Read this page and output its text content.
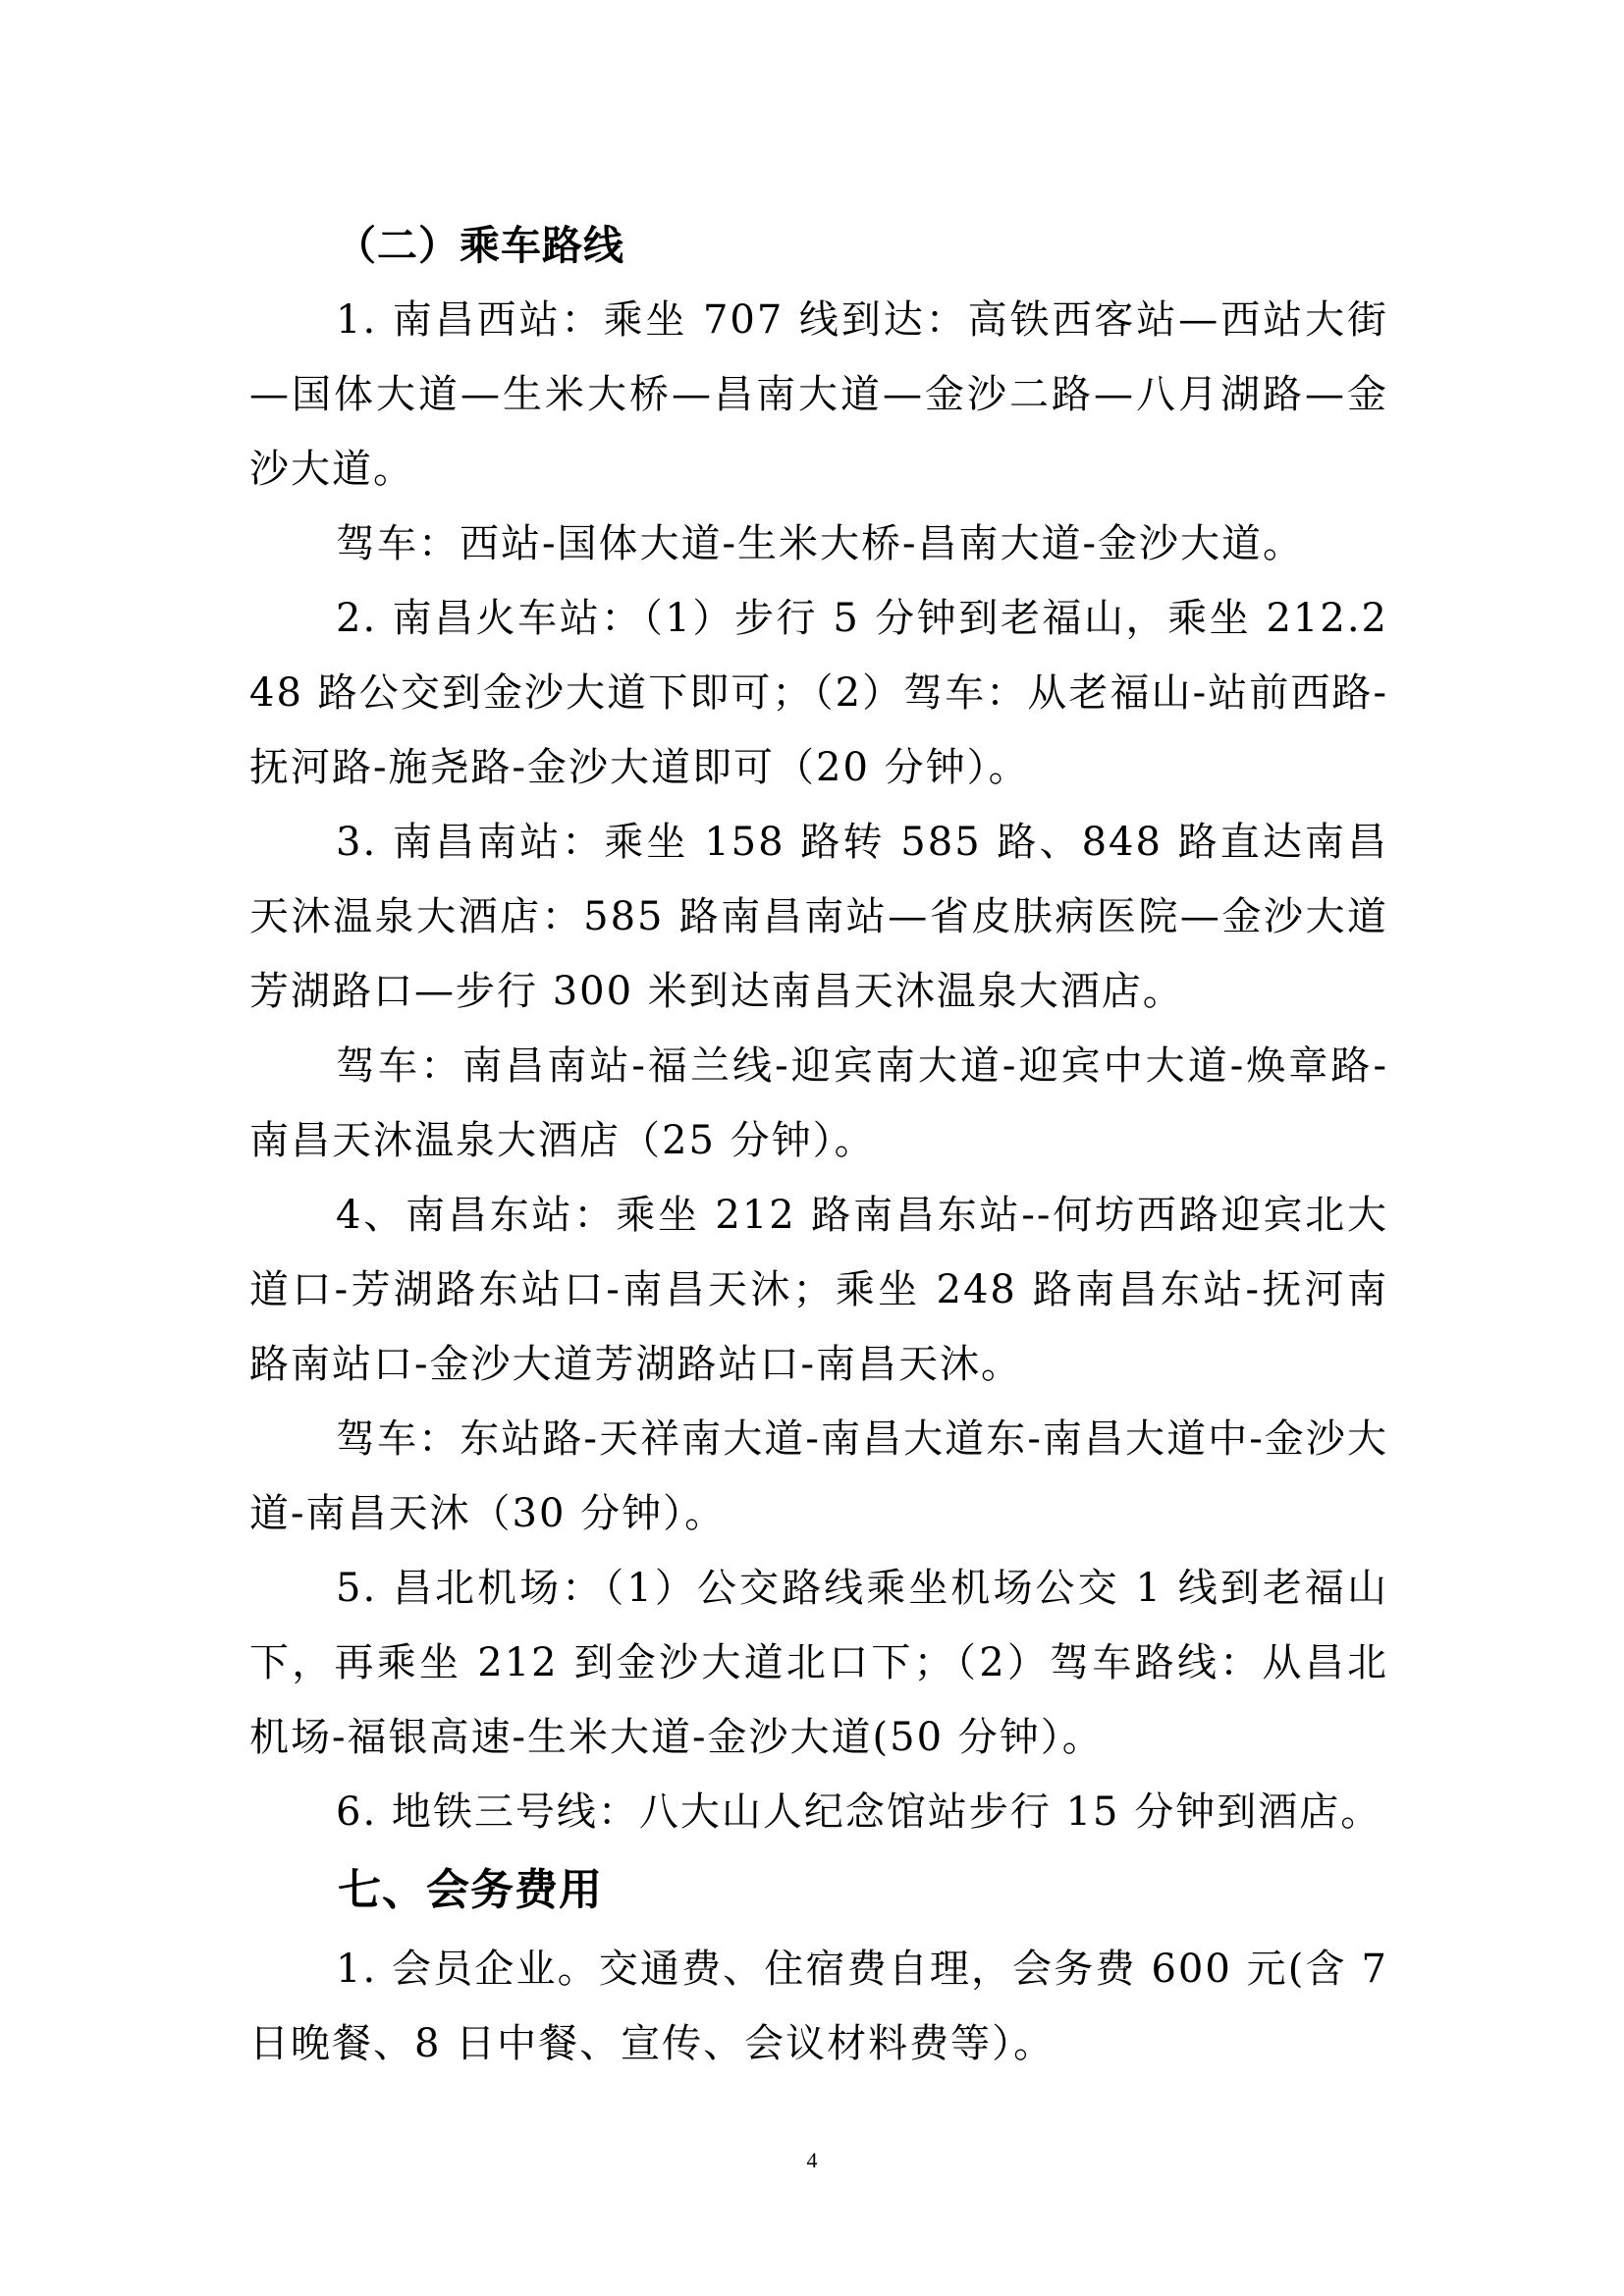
（二）乘车路线

1. 南昌西站：乘坐 707 线到达：高铁西客站—西站大街—国体大道—生米大桥—昌南大道—金沙二路—八月湖路—金沙大道。

驾车：西站-国体大道-生米大桥-昌南大道-金沙大道。

2. 南昌火车站：（1）步行 5 分钟到老福山，乘坐 212.248 路公交到金沙大道下即可；（2）驾车：从老福山-站前西路-抚河路-施尧路-金沙大道即可（20 分钟）。

3. 南昌南站：乘坐 158 路转 585 路、848 路直达南昌天沐温泉大酒店：585 路南昌南站—省皮肤病医院—金沙大道芳湖路口—步行 300 米到达南昌天沐温泉大酒店。

驾车：南昌南站-福兰线-迎宾南大道-迎宾中大道-焕章路-南昌天沐温泉大酒店（25 分钟）。

4、南昌东站：乘坐 212 路南昌东站--何坊西路迎宾北大道口-芳湖路东站口-南昌天沐；乘坐 248 路南昌东站-抚河南路南站口-金沙大道芳湖路站口-南昌天沐。

驾车：东站路-天祥南大道-南昌大道东-南昌大道中-金沙大道-南昌天沐（30 分钟）。

5. 昌北机场：（1）公交路线乘坐机场公交 1 线到老福山下，再乘坐 212 到金沙大道北口下；（2）驾车路线：从昌北机场-福银高速-生米大道-金沙大道(50 分钟）。

6. 地铁三号线：八大山人纪念馆站步行 15 分钟到酒店。

七、会务费用

1. 会员企业。交通费、住宿费自理，会务费 600 元(含 7 日晚餐、8 日中餐、宣传、会议材料费等）。

4
